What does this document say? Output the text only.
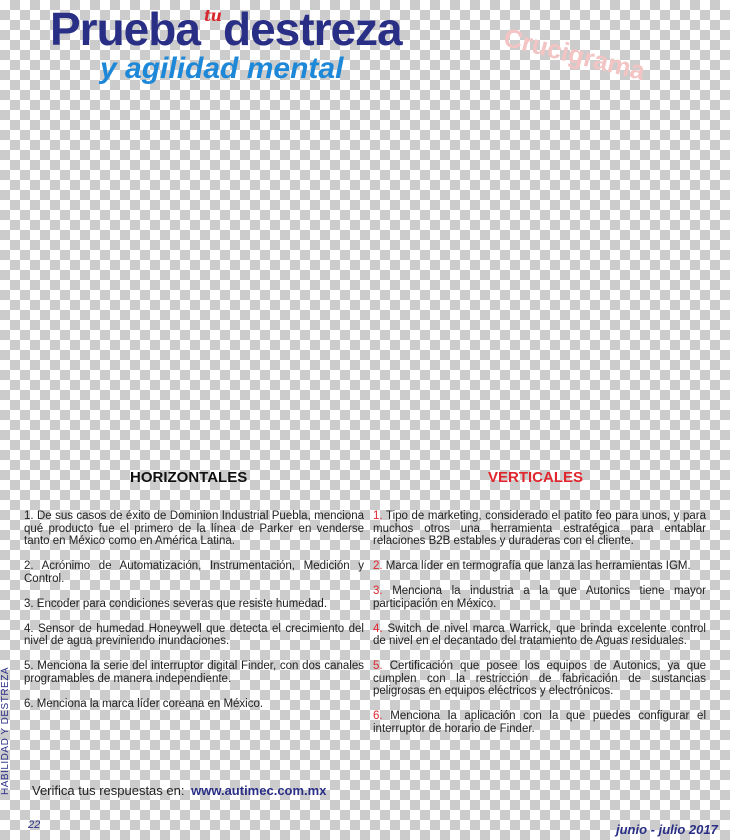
Prueba $^{tu}$destreza
y agilidad mental	Crucigrama
HORIZONTALES	VERTICALES

1. De sus casos de éxito de Dominion Industrial Puebla, menciona qué producto fue el primero de la línea de Parker en venderse tanto en México como en América Latina.

2. Acrónimo de Automatización, Instrumentación, Medición y Control.

3. Encoder para condiciones severas que resiste humedad.

4. Sensor de humedad Honeywell que detecta el crecimiento del nivel de agua previniendo inundaciones.

5. Menciona la serie del interruptor digital Finder, con dos canales programables de manera independiente.

6. Menciona la marca líder coreana en México.

1. Tipo de marketing, considerado el patito feo para unos, y para muchos otros una herramienta estratégica para entablar relaciones B2B estables y duraderas con el cliente.

2. Marca líder en termografía que lanza las herramientas IGM.

3. Menciona la industria a la que Autonics tiene mayor participación en México.

4. Switch de nivel marca Warrick, que brinda excelente control de nivel en el decantado del tratamiento de Aguas residuales.

5. Certificación que posee los equipos de Autonics, ya que cumplen con la restricción de fabricación de sustancias peligrosas en equipos eléctricos y electrónicos.

6. Menciona la aplicación con la que puedes configurar el interruptor de horario de Finder.

Verifica tus respuestas en: www.autimec.com.mx
HABILIDAD Y DESTREZA
22	junio - julio 2017
